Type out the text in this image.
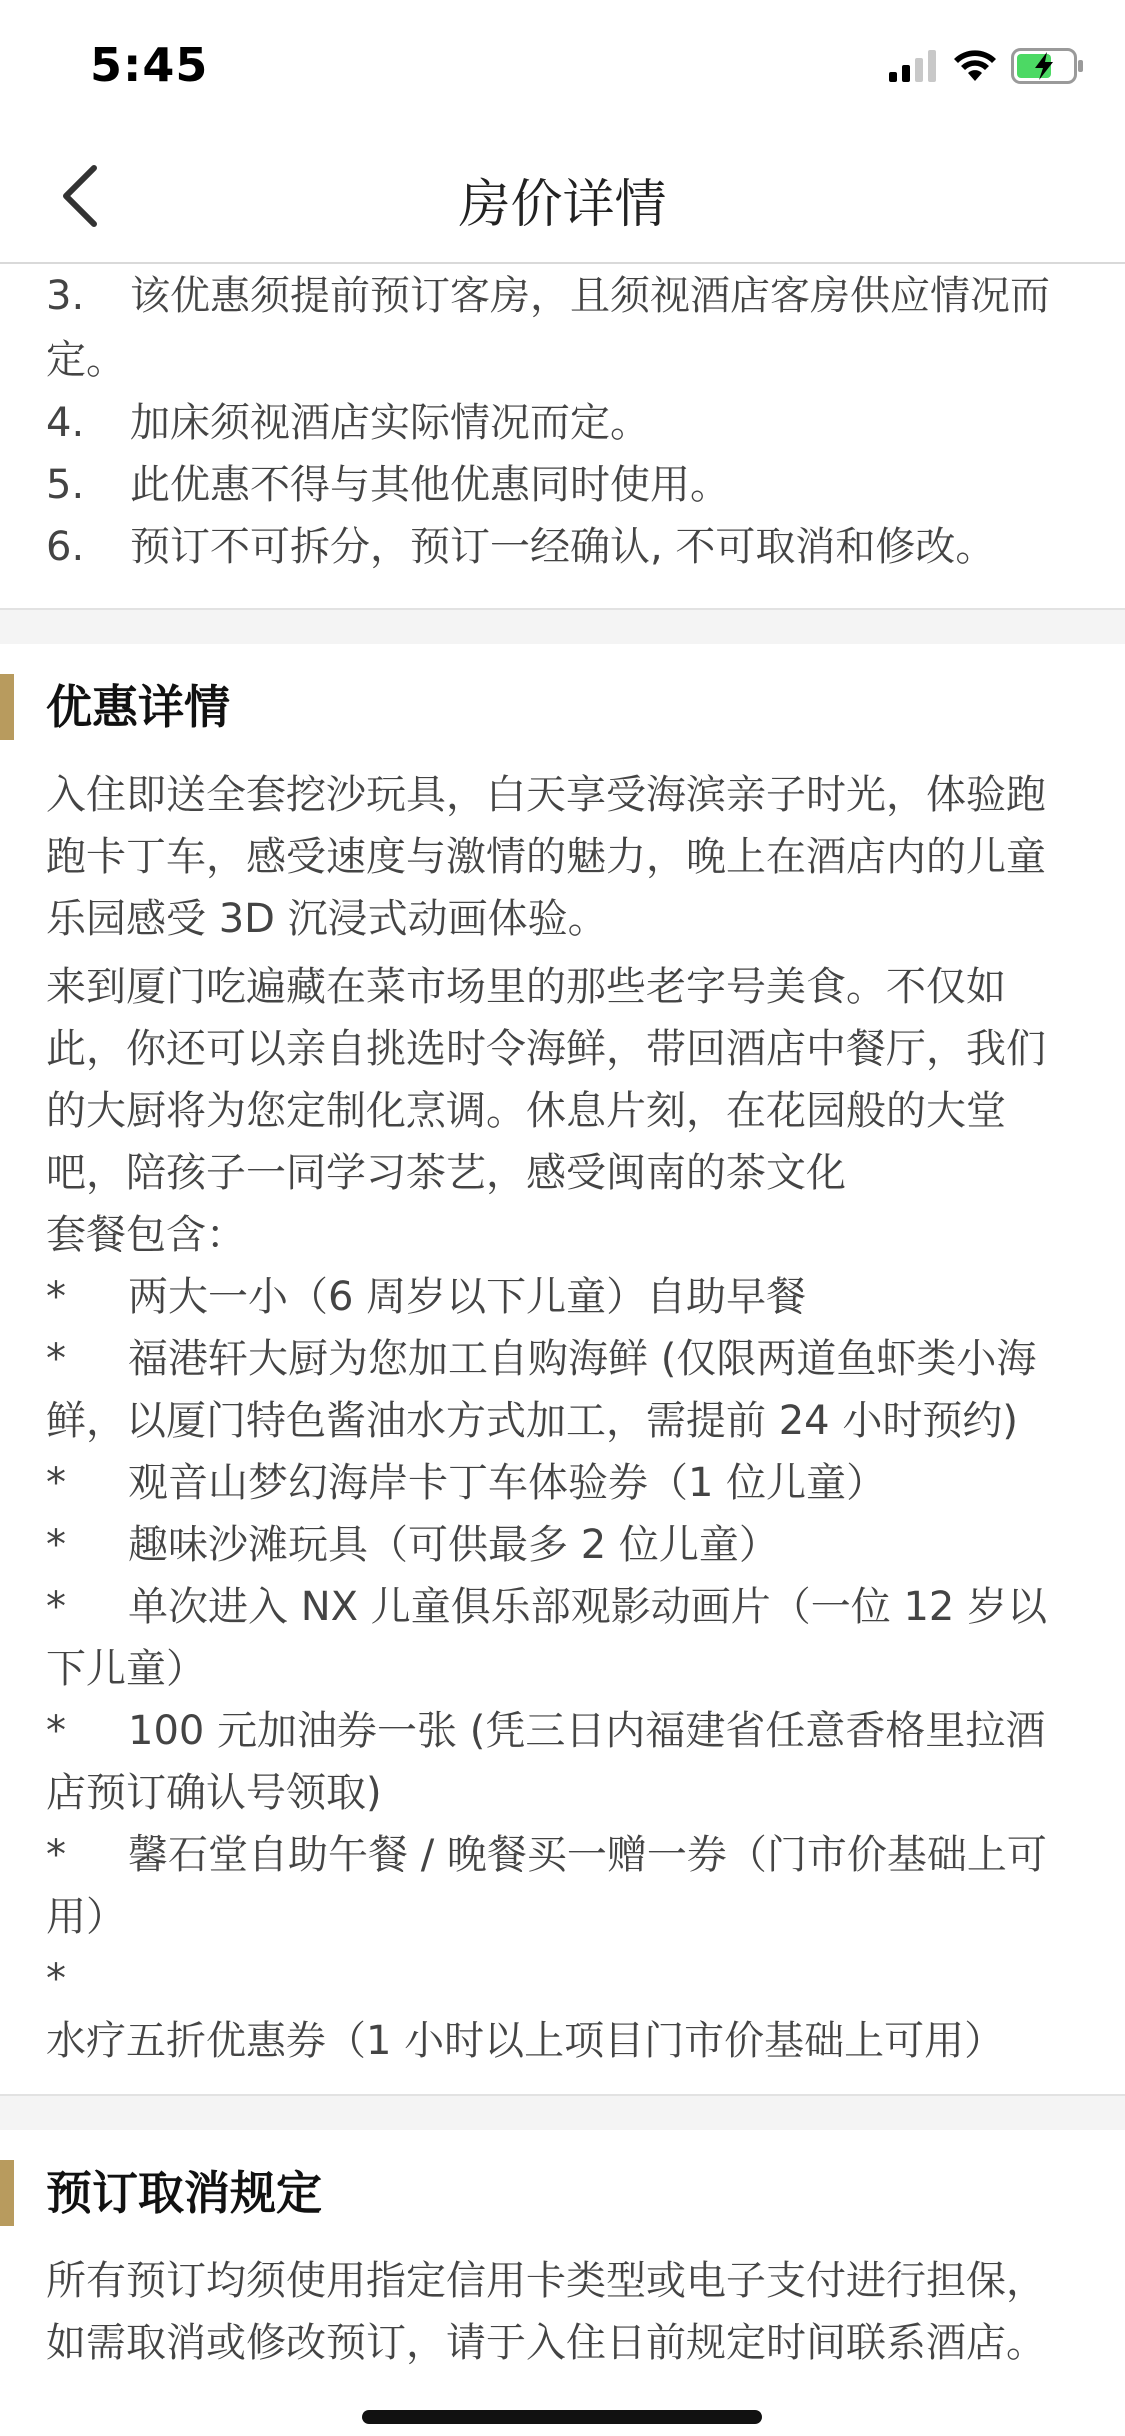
5:45
房价详情
3. 该优惠须提前预订客房，且须视酒店客房供应情况而定。
4.	加床须视酒店实际情况而定。
5.	此优惠不得与其他优惠同时使用。
6.	预订不可拆分，预订一经确认, 不可取消和修改。
优惠详情

入住即送全套挖沙玩具，白天享受海滨亲子时光，体验跑跑卡丁车，感受速度与激情的魅力，晚上在酒店内的儿童乐园感受 3D 沉浸式动画体验。

来到厦门吃遍藏在菜市场里的那些老字号美食。不仅如此，你还可以亲自挑选时令海鲜，带回酒店中餐厅，我们的大厨将为您定制化烹调。休息片刻，在花园般的大堂吧，陪孩子一同学习茶艺，感受闽南的茶文化

套餐包含：

* 两大一小（6 周岁以下儿童）自助早餐
* 福港轩大厨为您加工自购海鲜 (仅限两道鱼虾类小海鲜，以厦门特色酱油水方式加工，需提前 24 小时预约)
* 观音山梦幻海岸卡丁车体验券（1 位儿童）
* 趣味沙滩玩具（可供最多 2 位儿童）
* 单次进入 NX 儿童俱乐部观影动画片（一位 12 岁以下儿童）
* 100 元加油券一张 (凭三日内福建省任意香格里拉酒店预订确认号领取)
* 馨石堂自助午餐 / 晚餐买一赠一券（门市价基础上可用）
*水疗五折优惠券（1 小时以上项目门市价基础上可用）
预订取消规定

所有预订均须使用指定信用卡类型或电子支付进行担保，如需取消或修改预订，请于入住日前规定时间联系酒店。
